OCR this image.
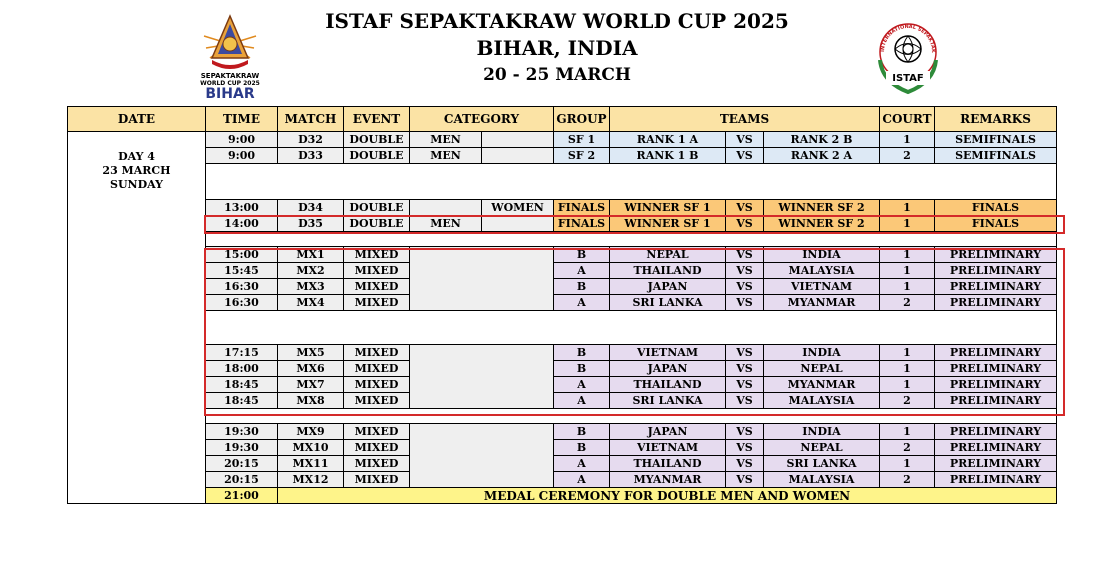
ISTAF SEPAKTAKRAW WORLD CUP 2025
BIHAR, INDIA
20 - 25 MARCH
SEPAKTAKRAW
WORLD CUP 2025
BIHAR
INTERNATIONAL SEPAKTAK
ISTAF
DATE	TIME	MATCH	EVENT	CATEGORY		GROUP	TEAMS			COURT	REMARKS

DAY 4
23 MARCH
SUNDAY	9:00	D32	DOUBLE	MEN		SF 1	RANK 1 A	VS	RANK 2 B	1	SEMIFINALS
	9:00	D33	DOUBLE	MEN		SF 2	RANK 1 B	VS	RANK 2 A	2	SEMIFINALS

	13:00	D34	DOUBLE		WOMEN	FINALS	WINNER SF 1	VS	WINNER SF 2	1	FINALS
	14:00	D35	DOUBLE	MEN		FINALS	WINNER SF 1	VS	WINNER SF 2	1	FINALS

	15:00	MX1	MIXED			B	NEPAL	VS	INDIA	1	PRELIMINARY
	15:45	MX2	MIXED			A	THAILAND	VS	MALAYSIA	1	PRELIMINARY
	16:30	MX3	MIXED			B	JAPAN	VS	VIETNAM	1	PRELIMINARY
	16:30	MX4	MIXED			A	SRI LANKA	VS	MYANMAR	2	PRELIMINARY

	17:15	MX5	MIXED			B	VIETNAM	VS	INDIA	1	PRELIMINARY
	18:00	MX6	MIXED			B	JAPAN	VS	NEPAL	1	PRELIMINARY
	18:45	MX7	MIXED			A	THAILAND	VS	MYANMAR	1	PRELIMINARY
	18:45	MX8	MIXED			A	SRI LANKA	VS	MALAYSIA	2	PRELIMINARY

	19:30	MX9	MIXED			B	JAPAN	VS	INDIA	1	PRELIMINARY
	19:30	MX10	MIXED			B	VIETNAM	VS	NEPAL	2	PRELIMINARY
	20:15	MX11	MIXED			A	THAILAND	VS	SRI LANKA	1	PRELIMINARY
	20:15	MX12	MIXED			A	MYANMAR	VS	MALAYSIA	2	PRELIMINARY
	21:00	MEDAL CEREMONY FOR DOUBLE MEN AND WOMEN									
